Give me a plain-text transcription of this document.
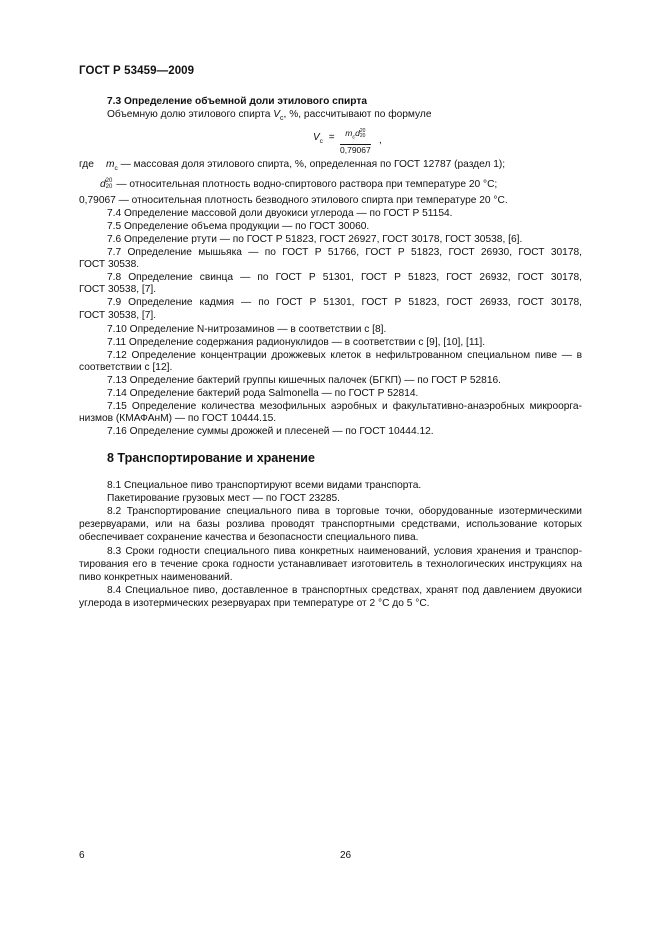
ГОСТ Р 53459—2009
7.3 Определение объемной доли этилового спирта
Объемную долю этилового спирта $V_с$, %, рассчитывают по формуле
$V_с$ =	$m_сd$ 20
20
0,79067
,
где $m_с$ — массовая доля этилового спирта, %, определенная по ГОСТ 12787 (раздел 1);
d 20
20 — относительная плотность водно-спиртового раствора при температуре 20 °С;
0,79067 — относительная плотность безводного этилового спирта при температуре 20 °С.
7.4 Определение массовой доли двуокиси углерода — по ГОСТ Р 51154.
7.5 Определение объема продукции — по ГОСТ 30060.
7.6 Определение ртути — по ГОСТ Р 51823, ГОСТ 26927, ГОСТ 30178, ГОСТ 30538, [6].
7.7 Определение мышьяка — по ГОСТ Р 51766, ГОСТ Р 51823, ГОСТ 26930, ГОСТ 30178,
ГОСТ 30538.
7.8 Определение свинца — по ГОСТ Р 51301, ГОСТ Р 51823, ГОСТ 26932, ГОСТ 30178,
ГОСТ 30538, [7].
7.9 Определение кадмия — по ГОСТ Р 51301, ГОСТ Р 51823, ГОСТ 26933, ГОСТ 30178,
ГОСТ 30538, [7].
7.10 Определение N-нитрозаминов — в соответствии с [8].
7.11 Определение содержания радионуклидов — в соответствии с [9], [10], [11].
7.12 Определение концентрации дрожжевых клеток в нефильтрованном специальном пиве — в
соответствии с [12].
7.13 Определение бактерий группы кишечных палочек (БГКП) — по ГОСТ Р 52816.
7.14 Определение бактерий рода Salmonella — по ГОСТ Р 52814.
7.15 Определение количества мезофильных аэробных и факультативно-анаэробных микроорга-
низмов (КМАФАнМ) — по ГОСТ 10444.15.
7.16 Определение суммы дрожжей и плесеней — по ГОСТ 10444.12.
8 Транспортирование и хранение
8.1 Специальное пиво транспортируют всеми видами транспорта.
Пакетирование грузовых мест — по ГОСТ 23285.
8.2 Транспортирование специального пива в торговые точки, оборудованные изотермическими
резервуарами, или на базы розлива проводят транспортными средствами, использование которых
обеспечивает сохранение качества и безопасности специального пива.
8.3 Сроки годности специального пива конкретных наименований, условия хранения и транспор-
тирования его в течение срока годности устанавливает изготовитель в технологических инструкциях на
пиво конкретных наименований.
8.4 Специальное пиво, доставленное в транспортных средствах, хранят под давлением двуокиси
углерода в изотермических резервуарах при температуре от 2 °С до 5 °С.
6	26
